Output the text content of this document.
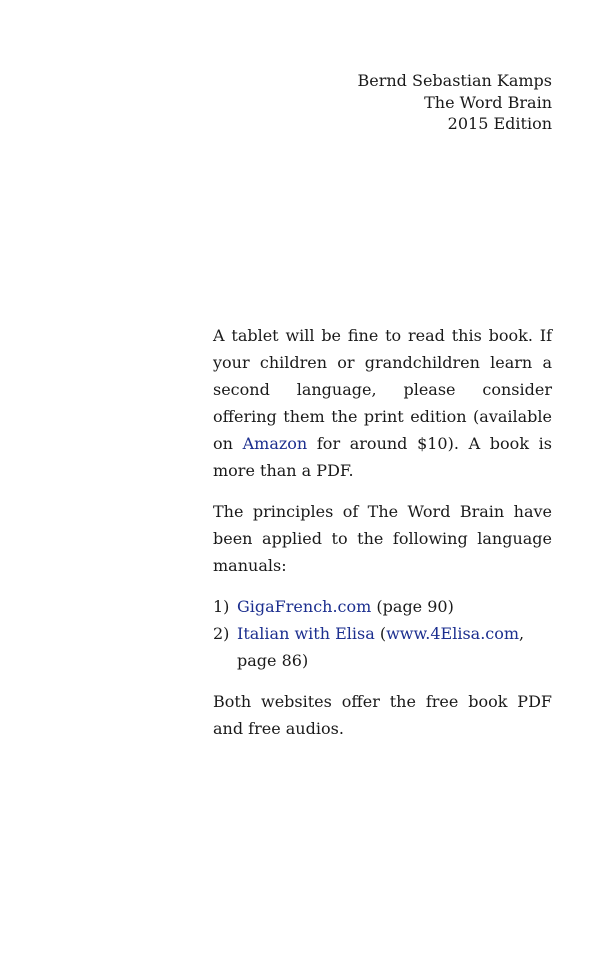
Bernd Sebastian Kamps
The Word Brain
2015 Edition

A tablet will be fine to read this book. If your children or grandchildren learn a second language, please consider offering them the print edition (available on Amazon for around $10). A book is more than a PDF.

The principles of The Word Brain have been applied to the following language manuals:

1) GigaFrench.com (page 90)
2) Italian with Elisa (www.4Elisa.com, page 86)

Both websites offer the free book PDF and free audios.
